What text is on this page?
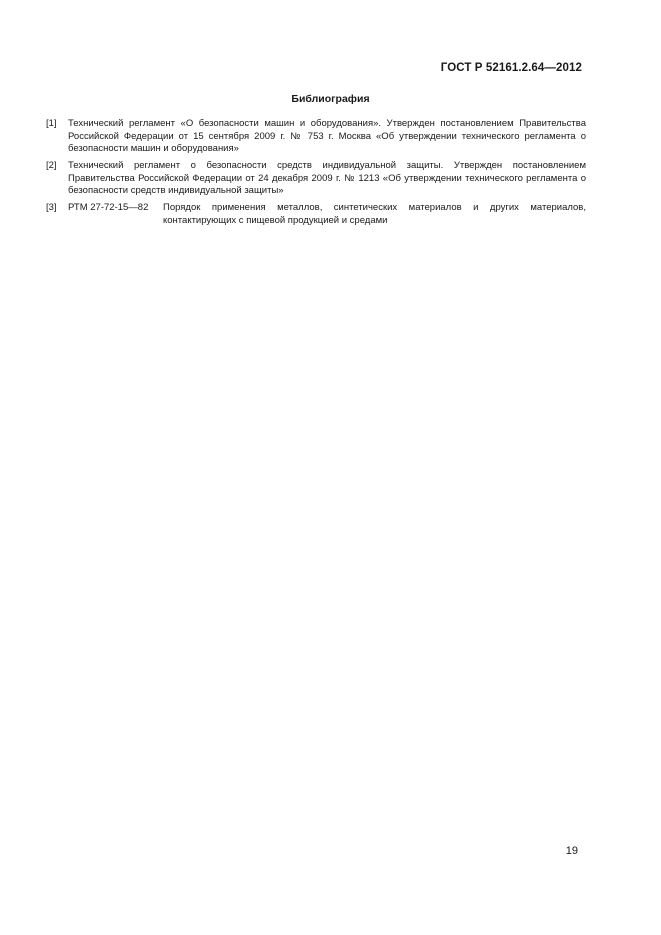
ГОСТ Р 52161.2.64—2012
Библиография
[1]	Технический регламент «О безопасности машин и оборудования». Утвержден постановлением Правительства Российской Федерации от 15 сентября 2009 г. № 753 г. Москва «Об утверждении технического регламента о безопасности машин и оборудования»
[2]	Технический регламент о безопасности средств индивидуальной защиты. Утвержден постановлением Правительства Российской Федерации от 24 декабря 2009 г. № 1213 «Об утверждении технического регламента о безопасности средств индивидуальной защиты»
[3]	РТМ 27-72-15—82	Порядок применения металлов, синтетических материалов и других материалов, контактирующих с пищевой продукцией и средами
19
